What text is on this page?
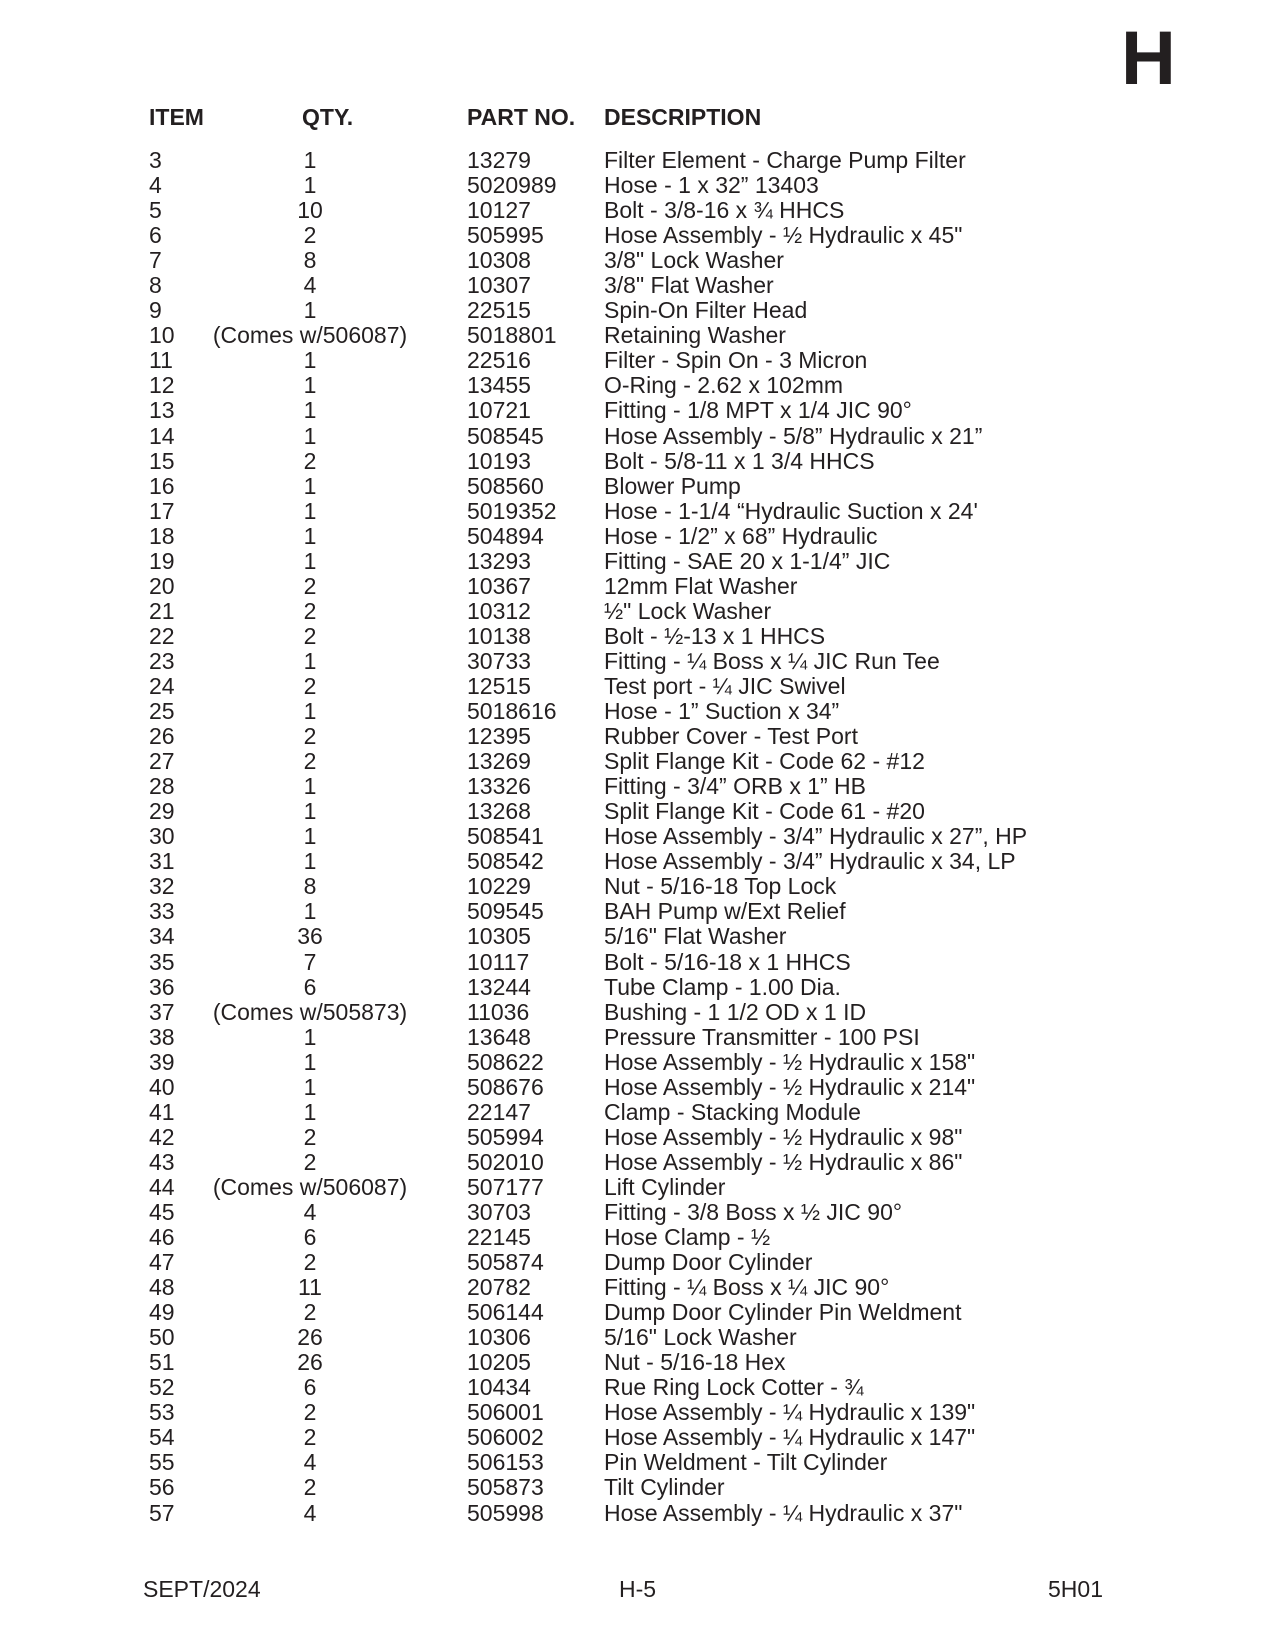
H
ITEM	QTY.	PART NO. DESCRIPTION
3	1	13279	Filter Element - Charge Pump Filter
4	1	5020989 Hose - 1 x 32” 13403
5	10	10127	Bolt - 3/8-16 x ¾ HHCS
6	2	505995	Hose Assembly - ½ Hydraulic x 45"
7	8	10308	3/8" Lock Washer
8	4	10307	3/8" Flat Washer
9	1	22515	Spin-On Filter Head
10	(Comes w/506087)	5018801 Retaining Washer
11	1	22516	Filter - Spin On - 3 Micron
12	1	13455	O-Ring - 2.62 x 102mm
13	1	10721	Fitting - 1/8 MPT x 1/4 JIC 90°
14	1	508545	Hose Assembly - 5/8” Hydraulic x 21”
15	2	10193	Bolt - 5/8-11 x 1 3/4 HHCS
16	1	508560	Blower Pump
17	1	5019352 Hose - 1-1/4 “Hydraulic Suction x 24'
18	1	504894	Hose - 1/2” x 68” Hydraulic
19	1	13293	Fitting - SAE 20 x 1-1/4” JIC
20	2	10367	12mm Flat Washer
21	2	10312	½" Lock Washer
22	2	10138	Bolt - ½-13 x 1 HHCS
23	1	30733	Fitting - ¼ Boss x ¼ JIC Run Tee
24	2	12515	Test port - ¼ JIC Swivel
25	1	5018616 Hose - 1” Suction x 34”
26	2	12395	Rubber Cover - Test Port
27	2	13269	Split Flange Kit - Code 62 - #12
28	1	13326	Fitting - 3/4” ORB x 1” HB
29	1	13268	Split Flange Kit - Code 61 - #20
30	1	508541	Hose Assembly - 3/4” Hydraulic x 27”, HP
31	1	508542	Hose Assembly - 3/4” Hydraulic x 34, LP
32	8	10229	Nut - 5/16-18 Top Lock
33	1	509545	BAH Pump w/Ext Relief
34	36	10305	5/16" Flat Washer
35	7	10117	Bolt - 5/16-18 x 1 HHCS
36	6	13244	Tube Clamp - 1.00 Dia.
37	(Comes w/505873)	11036	Bushing - 1 1/2 OD x 1 ID
38	1	13648	Pressure Transmitter - 100 PSI
39	1	508622	Hose Assembly - ½ Hydraulic x 158"
40	1	508676	Hose Assembly - ½ Hydraulic x 214"
41	1	22147	Clamp - Stacking Module
42	2	505994	Hose Assembly - ½ Hydraulic x 98"
43	2	502010	Hose Assembly - ½ Hydraulic x 86"
44	(Comes w/506087)	507177	Lift Cylinder
45	4	30703	Fitting - 3/8 Boss x ½ JIC 90°
46	6	22145	Hose Clamp - ½
47	2	505874	Dump Door Cylinder
48	11	20782	Fitting - ¼ Boss x ¼ JIC 90°
49	2	506144	Dump Door Cylinder Pin Weldment
50	26	10306	5/16" Lock Washer
51	26	10205	Nut - 5/16-18 Hex
52	6	10434	Rue Ring Lock Cotter - ¾
53	2	506001	Hose Assembly - ¼ Hydraulic x 139"
54	2	506002	Hose Assembly - ¼ Hydraulic x 147"
55	4	506153	Pin Weldment - Tilt Cylinder
56	2	505873	Tilt Cylinder
57	4	505998	Hose Assembly - ¼ Hydraulic x 37"
SEPT/2024	H-5	5H01
